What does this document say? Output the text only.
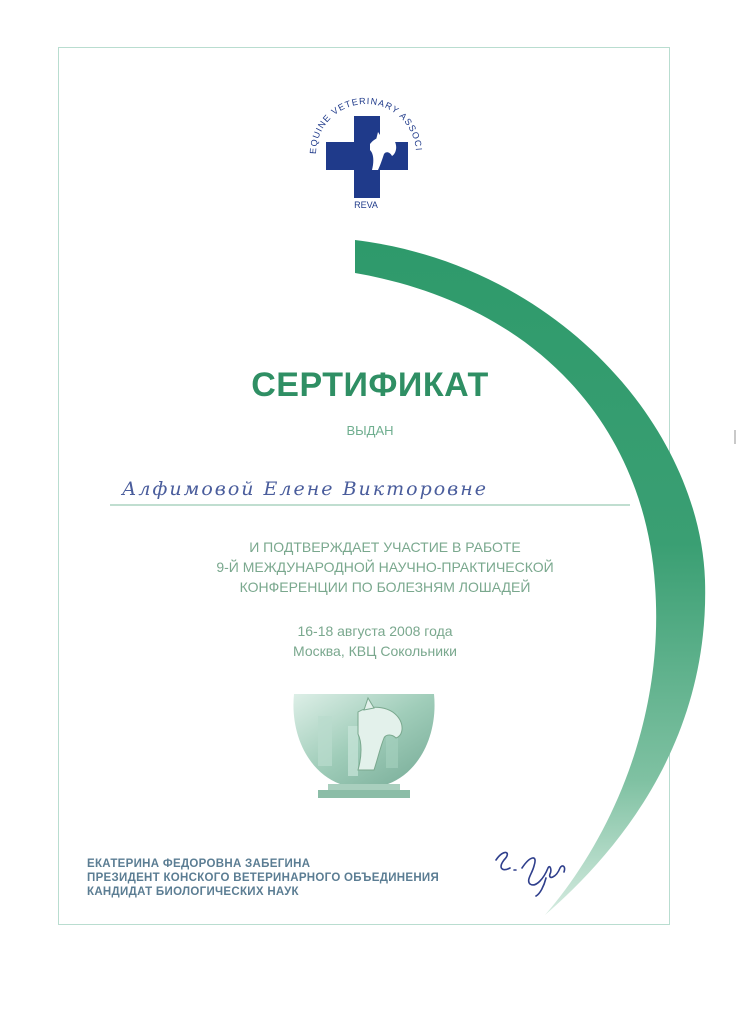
EQUINE VETERINARY ASSOCI
REVA
СЕРТИФИКАТ
ВЫДАН
Алфимовой Елене Викторовне
И ПОДТВЕРЖДАЕТ УЧАСТИЕ В РАБОТЕ
9-Й МЕЖДУНАРОДНОЙ НАУЧНО-ПРАКТИЧЕСКОЙ
КОНФЕРЕНЦИИ ПО БОЛЕЗНЯМ ЛОШАДЕЙ
16-18 августа 2008 года
Москва, КВЦ Сокольники
ЕКАТЕРИНА ФЕДОРОВНА ЗАБЕГИНА
ПРЕЗИДЕНТ КОНСКОГО ВЕТЕРИНАРНОГО ОБЪЕДИНЕНИЯ
КАНДИДАТ БИОЛОГИЧЕСКИХ НАУК
